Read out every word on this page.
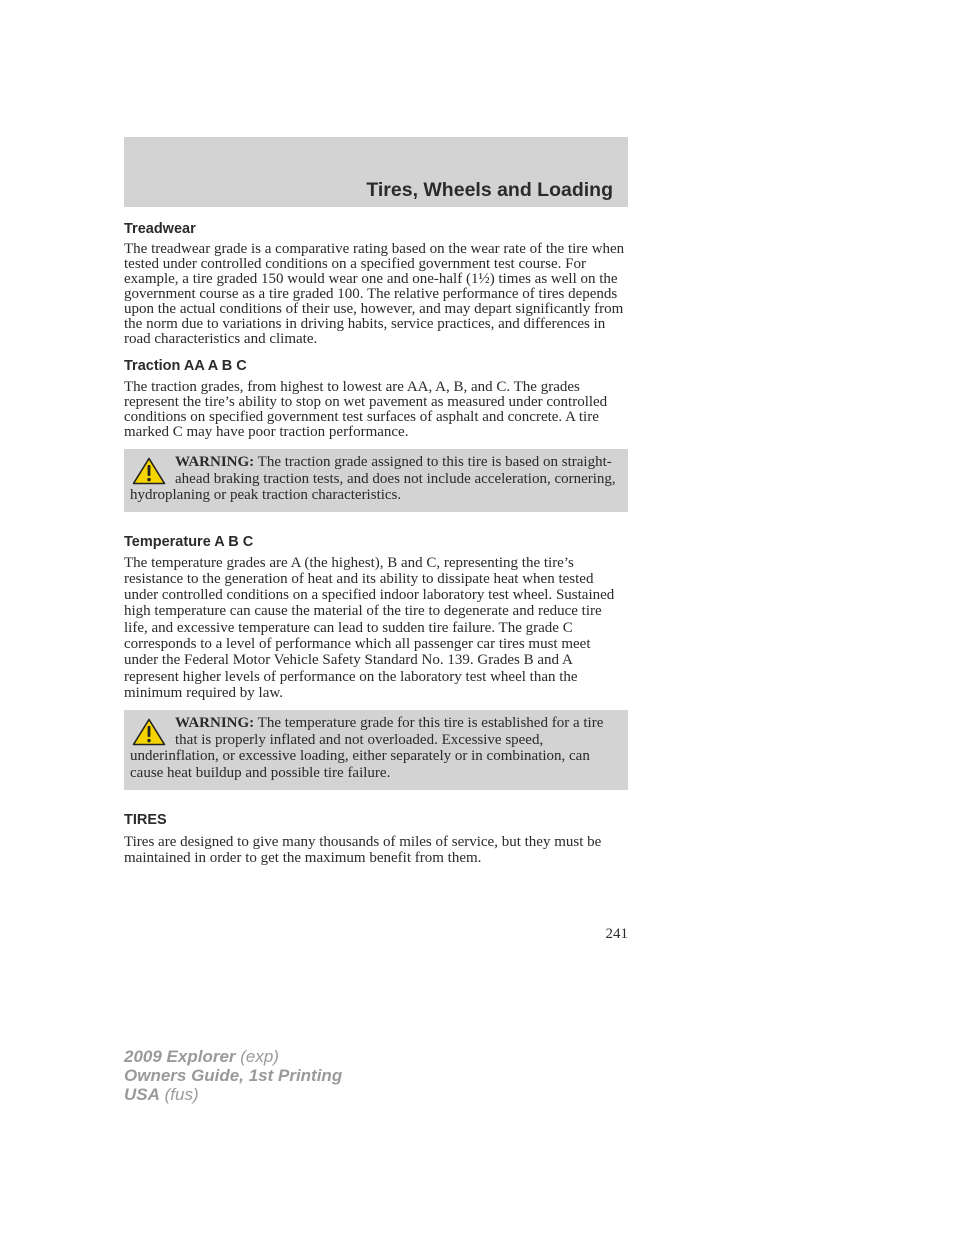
Tires, Wheels and Loading
Treadwear

The treadwear grade is a comparative rating based on the wear rate of the tire when tested under controlled conditions on a specified government test course. For example, a tire graded 150 would wear one and one-half (1½) times as well on the government course as a tire graded 100. The relative performance of tires depends upon the actual conditions of their use, however, and may depart significantly from the norm due to variations in driving habits, service practices, and differences in road characteristics and climate.

Traction AA A B C

The traction grades, from highest to lowest are AA, A, B, and C. The grades represent the tire’s ability to stop on wet pavement as measured under controlled conditions on specified government test surfaces of asphalt and concrete. A tire marked C may have poor traction performance.

WARNING: The traction grade assigned to this tire is based on straight-ahead braking traction tests, and does not include acceleration, cornering, hydroplaning or peak traction characteristics.
Temperature A B C

The temperature grades are A (the highest), B and C, representing the tire’s resistance to the generation of heat and its ability to dissipate heat when tested under controlled conditions on a specified indoor laboratory test wheel. Sustained high temperature can cause the material of the tire to degenerate and reduce tire life, and excessive temperature can lead to sudden tire failure. The grade C corresponds to a level of performance which all passenger car tires must meet under the Federal Motor Vehicle Safety Standard No. 139. Grades B and A represent higher levels of performance on the laboratory test wheel than the minimum required by law.

WARNING: The temperature grade for this tire is established for a tire that is properly inflated and not overloaded. Excessive speed, underinflation, or excessive loading, either separately or in combination, can cause heat buildup and possible tire failure.
TIRES

Tires are designed to give many thousands of miles of service, but they must be maintained in order to get the maximum benefit from them.

241
2009 Explorer (exp)
Owners Guide, 1st Printing
USA (fus)
